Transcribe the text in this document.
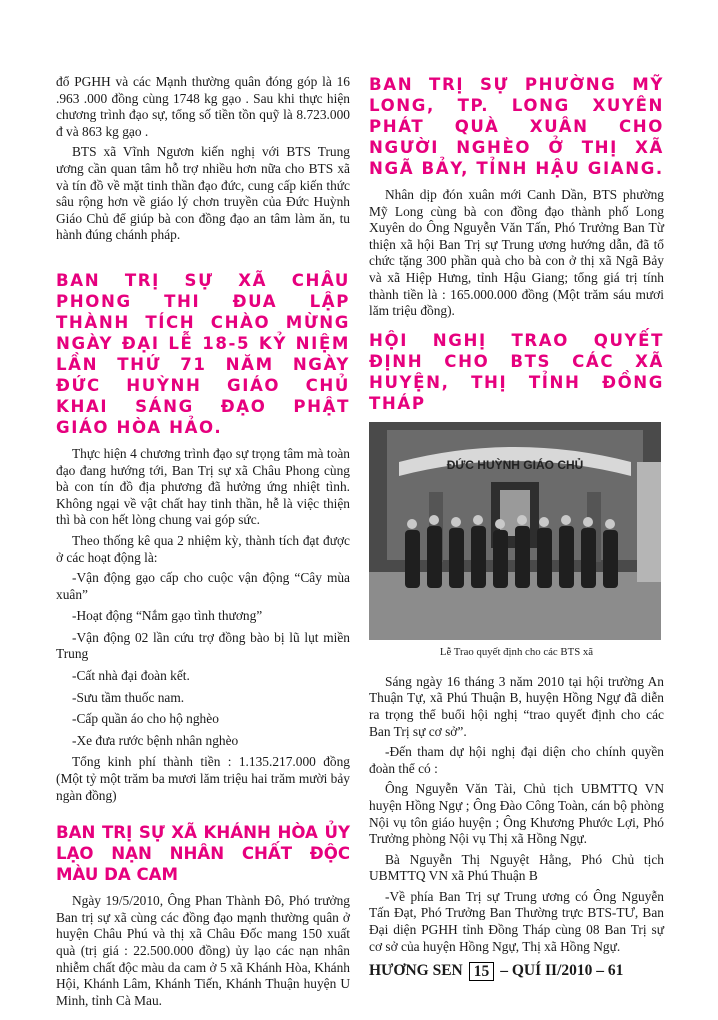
đổ PGHH và các Mạnh thường quân đóng góp là 16 .963 .000 đồng cùng 1748 kg gạo . Sau khi thực hiện chương trình đạo sự, tổng số tiền tồn quỹ là 8.723.000 đ và 863 kg gạo .

BTS xã Vĩnh Ngươn kiến nghị với BTS Trung ương cần quan tâm hỗ trợ nhiều hơn nữa cho BTS xã và tín đồ về mặt tinh thần đạo đức, cung cấp kiến thức sâu rộng hơn về giáo lý chơn truyền của Đức Huỳnh Giáo Chủ để giúp bà con đồng đạo an tâm làm ăn, tu hành đúng chánh pháp.

BAN TRỊ SỰ XÃ CHÂU PHONG THI ĐUA LẬP THÀNH TÍCH CHÀO MỪNG NGÀY ĐẠI LỄ 18-5 KỶ NIỆM LẦN THỨ 71 NĂM NGÀY ĐỨC HUỲNH GIÁO CHỦ KHAI SÁNG ĐẠO PHẬT GIÁO HÒA HẢO.

Thực hiện 4 chương trình đạo sự trọng tâm mà toàn đạo đang hướng tới, Ban Trị sự xã Châu Phong cùng bà con tín đồ địa phương đã hưởng ứng nhiệt tình. Không ngại về vật chất hay tinh thần, hễ là việc thiện thì bà con hết lòng chung vai góp sức.

Theo thống kê qua 2 nhiệm kỳ, thành tích đạt được ở các hoạt động là:

-Vận động gạo cấp cho cuộc vận động “Cây mùa xuân”

-Hoạt động “Nắm gạo tình thương”

-Vận động 02 lần cứu trợ đồng bào bị lũ lụt miền Trung

-Cất nhà đại đoàn kết.

-Sưu tầm thuốc nam.

-Cấp quần áo cho hộ nghèo

-Xe đưa rước bệnh nhân nghèo

Tổng kinh phí thành tiền : 1.135.217.000 đồng (Một tỷ một trăm ba mươi lăm triệu hai trăm mười bảy ngàn đồng)

BAN TRỊ SỰ XÃ KHÁNH HÒA ỦY LẠO NẠN NHÂN CHẤT ĐỘC MÀU DA CAM

Ngày 19/5/2010, Ông Phan Thành Đô, Phó trưởng Ban trị sự xã cùng các đồng đạo mạnh thường quân ở huyện Châu Phú và thị xã Châu Đốc mang 150 xuất quà (trị giá : 22.500.000 đồng) ủy lạo các nạn nhân nhiễm chất độc màu da cam ở 5 xã Khánh Hòa, Khánh Hội, Khánh Lâm, Khánh Tiến, Khánh Thuận huyện U Minh, tỉnh Cà Mau.

BAN TRỊ SỰ PHƯỜNG MỸ LONG, TP. LONG XUYÊN PHÁT QUÀ XUÂN CHO NGƯỜI NGHÈO Ở THỊ XÃ NGÃ BẢY, TỈNH HẬU GIANG.

Nhân dịp đón xuân mới Canh Dần, BTS phường Mỹ Long cùng bà con đồng đạo thành phố Long Xuyên do Ông Nguyễn Văn Tấn, Phó Trưởng Ban Từ thiện xã hội Ban Trị sự Trung ương hướng dẫn, đã tổ chức tặng 300 phần quà cho bà con ở thị xã Ngã Bảy và xã Hiệp Hưng, tỉnh Hậu Giang; tổng giá trị tính thành tiền là : 165.000.000 đồng (Một trăm sáu mươi lăm triệu đồng).

HỘI NGHỊ TRAO QUYẾT ĐỊNH CHO BTS CÁC XÃ HUYỆN, THỊ TỈNH ĐỒNG THÁP
ĐỨC HUỲNH GIÁO CHỦ
Lễ Trao quyết định cho các BTS xã

Sáng ngày 16 tháng 3 năm 2010 tại hội trường An Thuận Tự, xã Phú Thuận B, huyện Hồng Ngự đã diễn ra trọng thể buổi hội nghị “trao quyết định cho các Ban Trị sự cơ sở”.

-Đến tham dự hội nghị đại diện cho chính quyền đoàn thể có :

Ông Nguyễn Văn Tài, Chủ tịch UBMTTQ VN huyện Hồng Ngự ; Ông Đào Công Toàn, cán bộ phòng Nội vụ tôn giáo huyện ; Ông Khương Phước Lợi, Phó Trưởng phòng Nội vụ Thị xã Hồng Ngự.

Bà Nguyễn Thị Nguyệt Hằng, Phó Chủ tịch UBMTTQ VN xã Phú Thuận B

-Về phía Ban Trị sự Trung ương có Ông Nguyễn Tấn Đạt, Phó Trưởng Ban Thường trực BTS-TƯ, Ban Đại diện PGHH tỉnh Đồng Tháp cùng 08 Ban Trị sự cơ sở của huyện Hồng Ngự, Thị xã Hồng Ngự.

HƯƠNG SEN 15 – QUÍ II/2010 – 61
